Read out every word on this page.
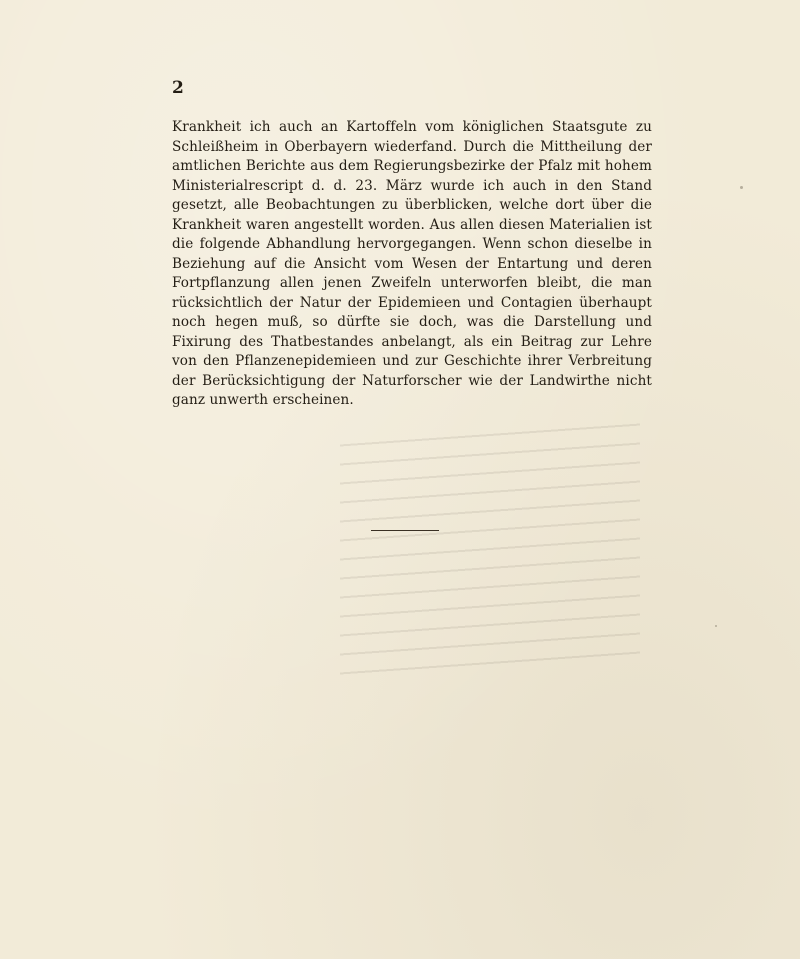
2

Krankheit ich auch an Kartoffeln vom königlichen Staatsgute zu Schleißheim in Oberbayern wiederfand. Durch die Mittheilung der amtlichen Berichte aus dem Regierungsbezirke der Pfalz mit hohem Ministerialrescript d. d. 23. März wurde ich auch in den Stand gesetzt, alle Beobachtungen zu überblicken, welche dort über die Krankheit waren angestellt worden. Aus allen diesen Materialien ist die folgende Abhandlung hervorgegangen. Wenn schon dieselbe in Beziehung auf die Ansicht vom Wesen der Entartung und deren Fortpflanzung allen jenen Zweifeln unterworfen bleibt, die man rücksichtlich der Natur der Epidemieen und Contagien überhaupt noch hegen muß, so dürfte sie doch, was die Darstellung und Fixirung des Thatbestandes anbelangt, als ein Beitrag zur Lehre von den Pflanzenepidemieen und zur Geschichte ihrer Verbreitung der Berücksichtigung der Naturforscher wie der Landwirthe nicht ganz unwerth erscheinen.
